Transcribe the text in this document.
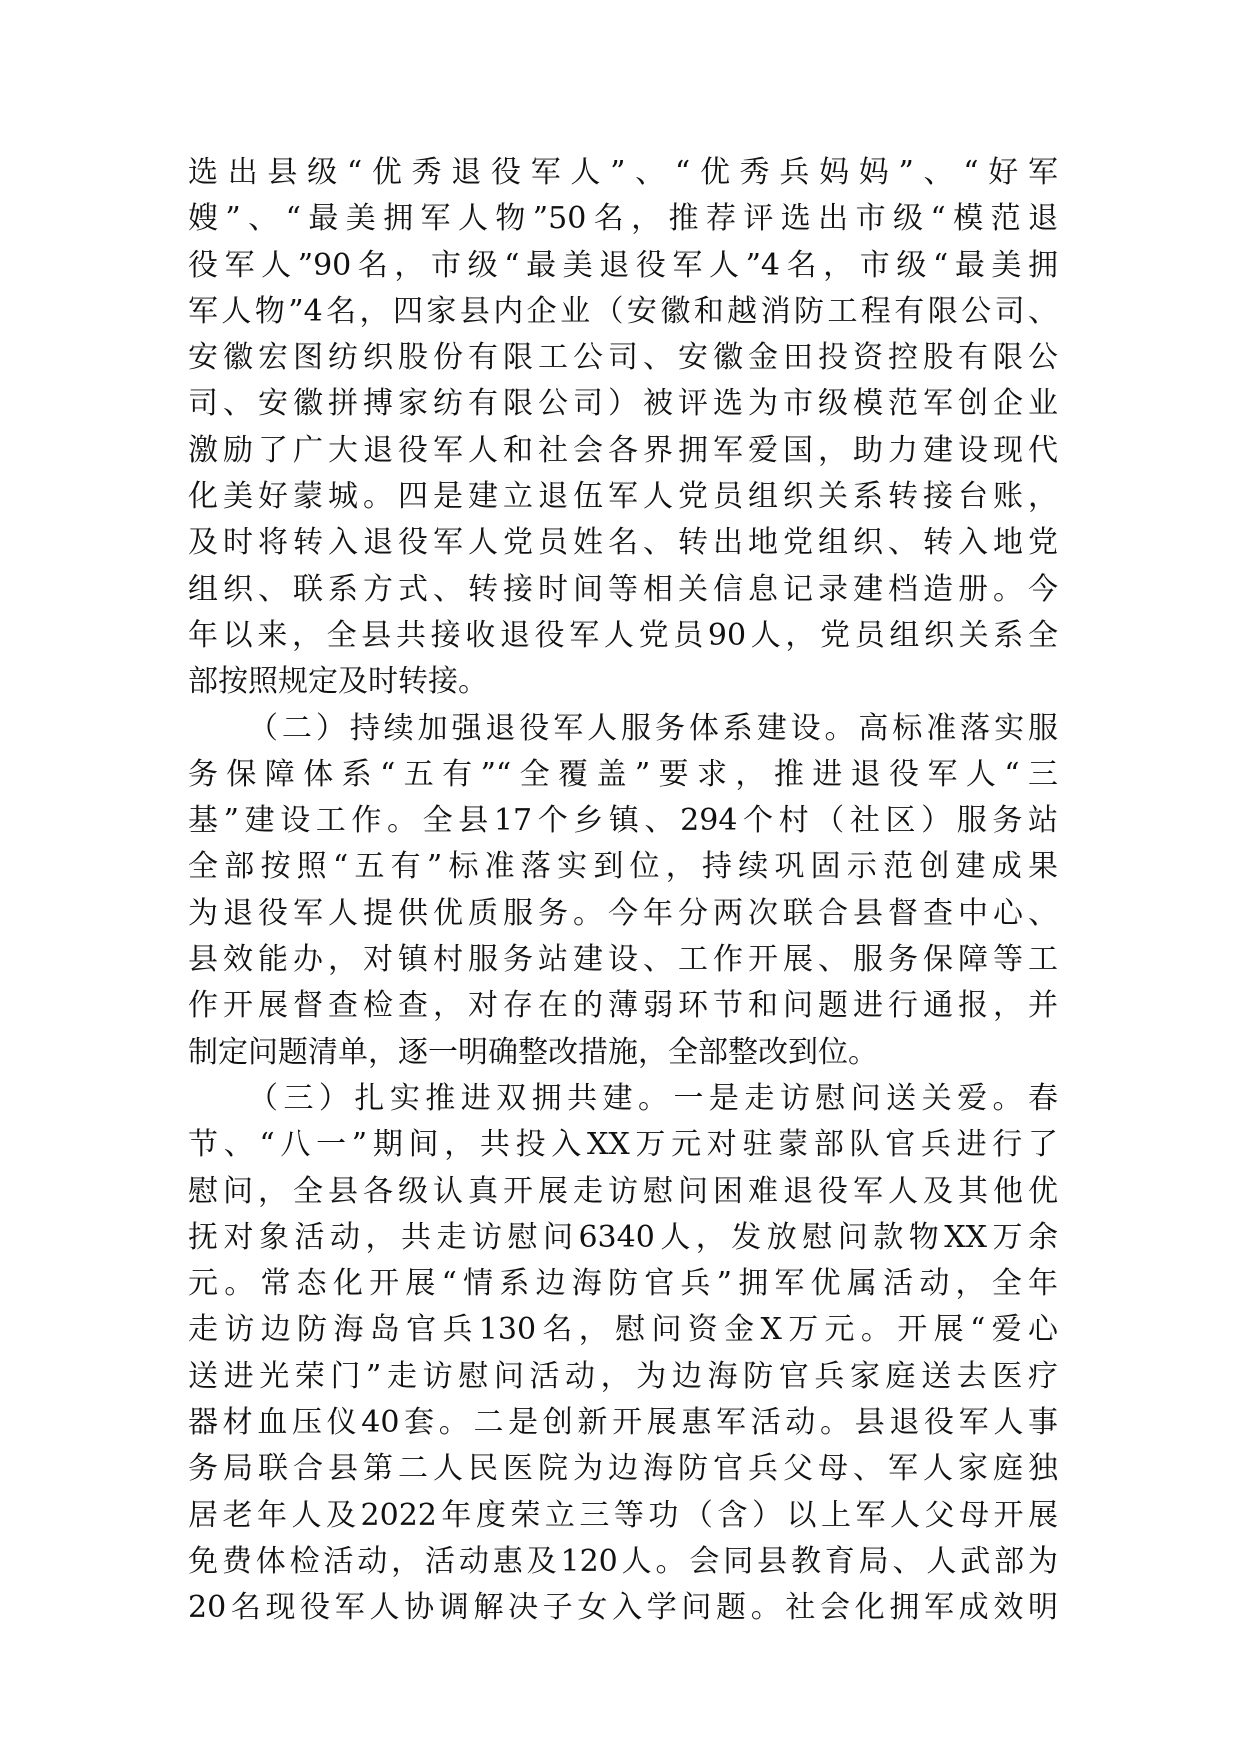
选出县级“优秀退役军人”、“优秀兵妈妈”、“好军
嫂”、“最美拥军人物”50名，推荐评选出市级“模范退
役军人”90名，市级“最美退役军人”4名，市级“最美拥
军人物”4名，四家县内企业（安徽和越消防工程有限公司、
安徽宏图纺织股份有限工公司、安徽金田投资控股有限公
司、安徽拼搏家纺有限公司）被评选为市级模范军创企业
激励了广大退役军人和社会各界拥军爱国，助力建设现代
化美好蒙城。四是建立退伍军人党员组织关系转接台账，
及时将转入退役军人党员姓名、转出地党组织、转入地党
组织、联系方式、转接时间等相关信息记录建档造册。今
年以来，全县共接收退役军人党员90人，党员组织关系全
部按照规定及时转接。
（二）持续加强退役军人服务体系建设。高标准落实服
务保障体系“五有”“全覆盖”要求，推进退役军人“三
基”建设工作。全县17个乡镇、294个村（社区）服务站
全部按照“五有”标准落实到位，持续巩固示范创建成果
为退役军人提供优质服务。今年分两次联合县督查中心、
县效能办，对镇村服务站建设、工作开展、服务保障等工
作开展督查检查，对存在的薄弱环节和问题进行通报，并
制定问题清单，逐一明确整改措施，全部整改到位。
（三）扎实推进双拥共建。一是走访慰问送关爱。春
节、“八一”期间，共投入XX万元对驻蒙部队官兵进行了
慰问，全县各级认真开展走访慰问困难退役军人及其他优
抚对象活动，共走访慰问6340人，发放慰问款物XX万余
元。常态化开展“情系边海防官兵”拥军优属活动，全年
走访边防海岛官兵130名，慰问资金X万元。开展“爱心
送进光荣门”走访慰问活动，为边海防官兵家庭送去医疗
器材血压仪40套。二是创新开展惠军活动。县退役军人事
务局联合县第二人民医院为边海防官兵父母、军人家庭独
居老年人及2022年度荣立三等功（含）以上军人父母开展
免费体检活动，活动惠及120人。会同县教育局、人武部为
20名现役军人协调解决子女入学问题。社会化拥军成效明
